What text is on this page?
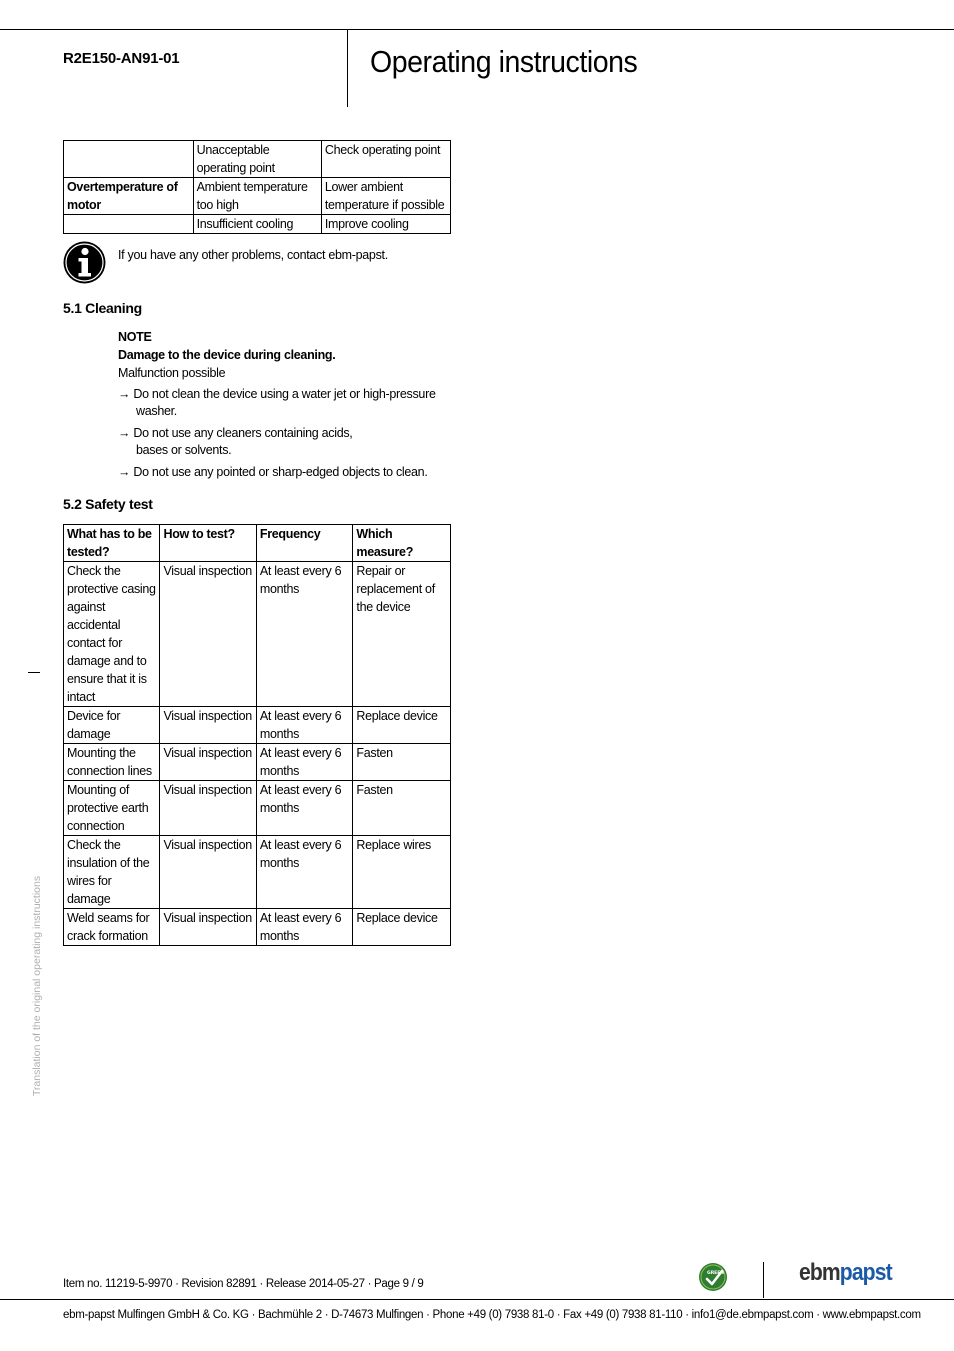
R2E150-AN91-01	Operating instructions
	Unacceptable operating point	Check operating point
Overtemperature of motor	Ambient temperature too high	Lower ambient temperature if possible
	Insufficient cooling	Improve cooling
If you have any other problems, contact ebm-papst.
5.1 Cleaning
NOTE
Damage to the device during cleaning.
Malfunction possible
→ Do not clean the device using a water jet or high-pressure
washer.
→ Do not use any cleaners containing acids,
bases or solvents.
→ Do not use any pointed or sharp-edged objects to clean.
5.2 Safety test
What has to be tested?	How to test?	Frequency	Which measure?
Check the protective casing against accidental contact for damage and to ensure that it is intact	Visual inspection	At least every 6 months	Repair or replacement of the device
Device for damage	Visual inspection	At least every 6 months	Replace device
Mounting the connection lines	Visual inspection	At least every 6 months	Fasten
Mounting of protective earth connection	Visual inspection	At least every 6 months	Fasten
Check the insulation of the wires for damage	Visual inspection	At least every 6 months	Replace wires
Weld seams for crack formation	Visual inspection	At least every 6 months	Replace device
Translation of the original operating instructions
Item no. 11219-5-9970 · Revision 82891 · Release 2014-05-27 · Page 9 / 9
GREEN TECH	ebmpapst
ebm-papst Mulfingen GmbH & Co. KG · Bachmühle 2 · D-74673 Mulfingen · Phone +49 (0) 7938 81-0 · Fax +49 (0) 7938 81-110 · info1@de.ebmpapst.com · www.ebmpapst.com
